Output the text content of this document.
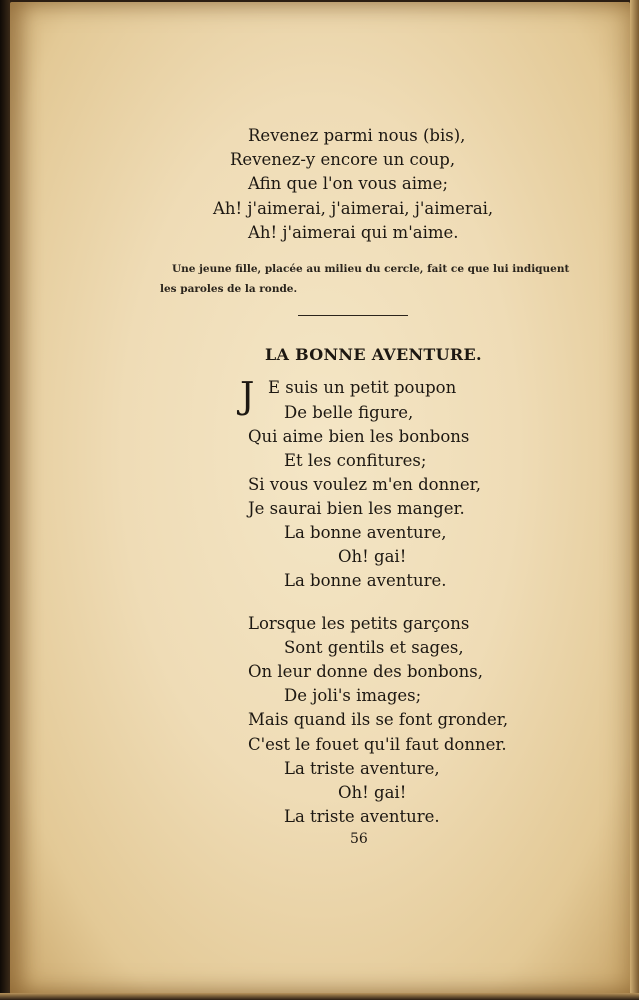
Revenez parmi nous (bis),
Revenez-y encore un coup,
Afin que l'on vous aime;
Ah! j'aimerai, j'aimerai, j'aimerai,
Ah! j'aimerai qui m'aime.
Une jeune fille, placée au milieu du cercle, fait ce que lui indiquent
les paroles de la ronde.
LA BONNE AVENTURE.
J E suis un petit poupon
De belle figure,
Qui aime bien les bonbons
Et les confitures;
Si vous voulez m'en donner,
Je saurai bien les manger.
La bonne aventure,
Oh! gai!
La bonne aventure.
Lorsque les petits garçons
Sont gentils et sages,
On leur donne des bonbons,
De joli's images;
Mais quand ils se font gronder,
C'est le fouet qu'il faut donner.
La triste aventure,
Oh! gai!
La triste aventure.
56
